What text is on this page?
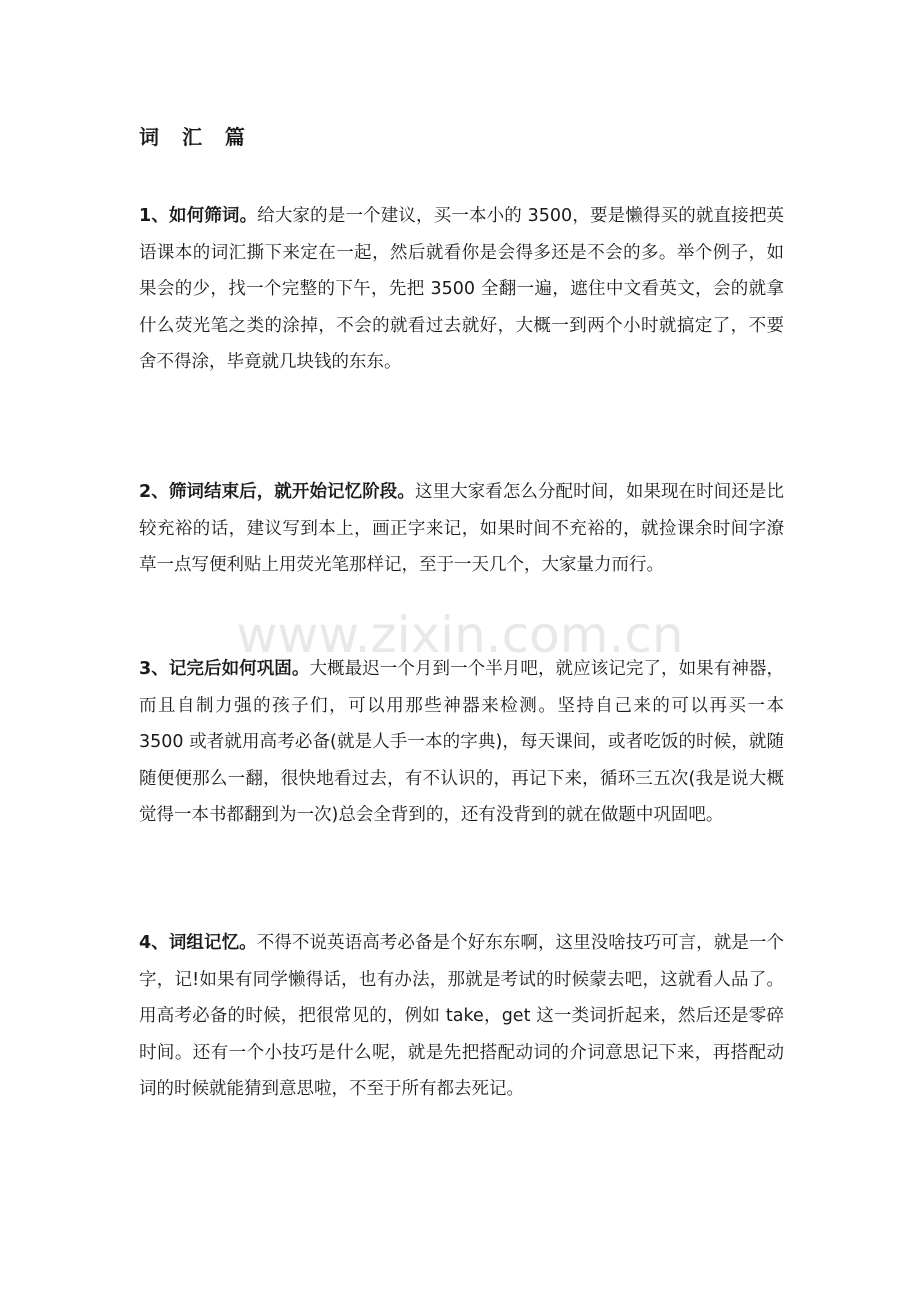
词 汇 篇

1、如何筛词。给大家的是一个建议，买一本小的 3500，要是懒得买的就直接把英语课本的词汇撕下来定在一起，然后就看你是会得多还是不会的多。举个例子，如果会的少，找一个完整的下午，先把 3500 全翻一遍，遮住中文看英文，会的就拿什么荧光笔之类的涂掉，不会的就看过去就好，大概一到两个小时就搞定了，不要舍不得涂，毕竟就几块钱的东东。

2、筛词结束后，就开始记忆阶段。这里大家看怎么分配时间，如果现在时间还是比较充裕的话，建议写到本上，画正字来记，如果时间不充裕的，就捡课余时间字潦草一点写便利贴上用荧光笔那样记，至于一天几个，大家量力而行。

3、记完后如何巩固。大概最迟一个月到一个半月吧，就应该记完了，如果有神器，而且自制力强的孩子们，可以用那些神器来检测。坚持自己来的可以再买一本 3500 或者就用高考必备(就是人手一本的字典)，每天课间，或者吃饭的时候，就随随便便那么一翻，很快地看过去，有不认识的，再记下来，循环三五次(我是说大概觉得一本书都翻到为一次)总会全背到的，还有没背到的就在做题中巩固吧。

4、词组记忆。不得不说英语高考必备是个好东东啊，这里没啥技巧可言，就是一个字，记!如果有同学懒得话，也有办法，那就是考试的时候蒙去吧，这就看人品了。用高考必备的时候，把很常见的，例如 take，get 这一类词折起来，然后还是零碎时间。还有一个小技巧是什么呢，就是先把搭配动词的介词意思记下来，再搭配动词的时候就能猜到意思啦，不至于所有都去死记。

www.zixin.com.cn
